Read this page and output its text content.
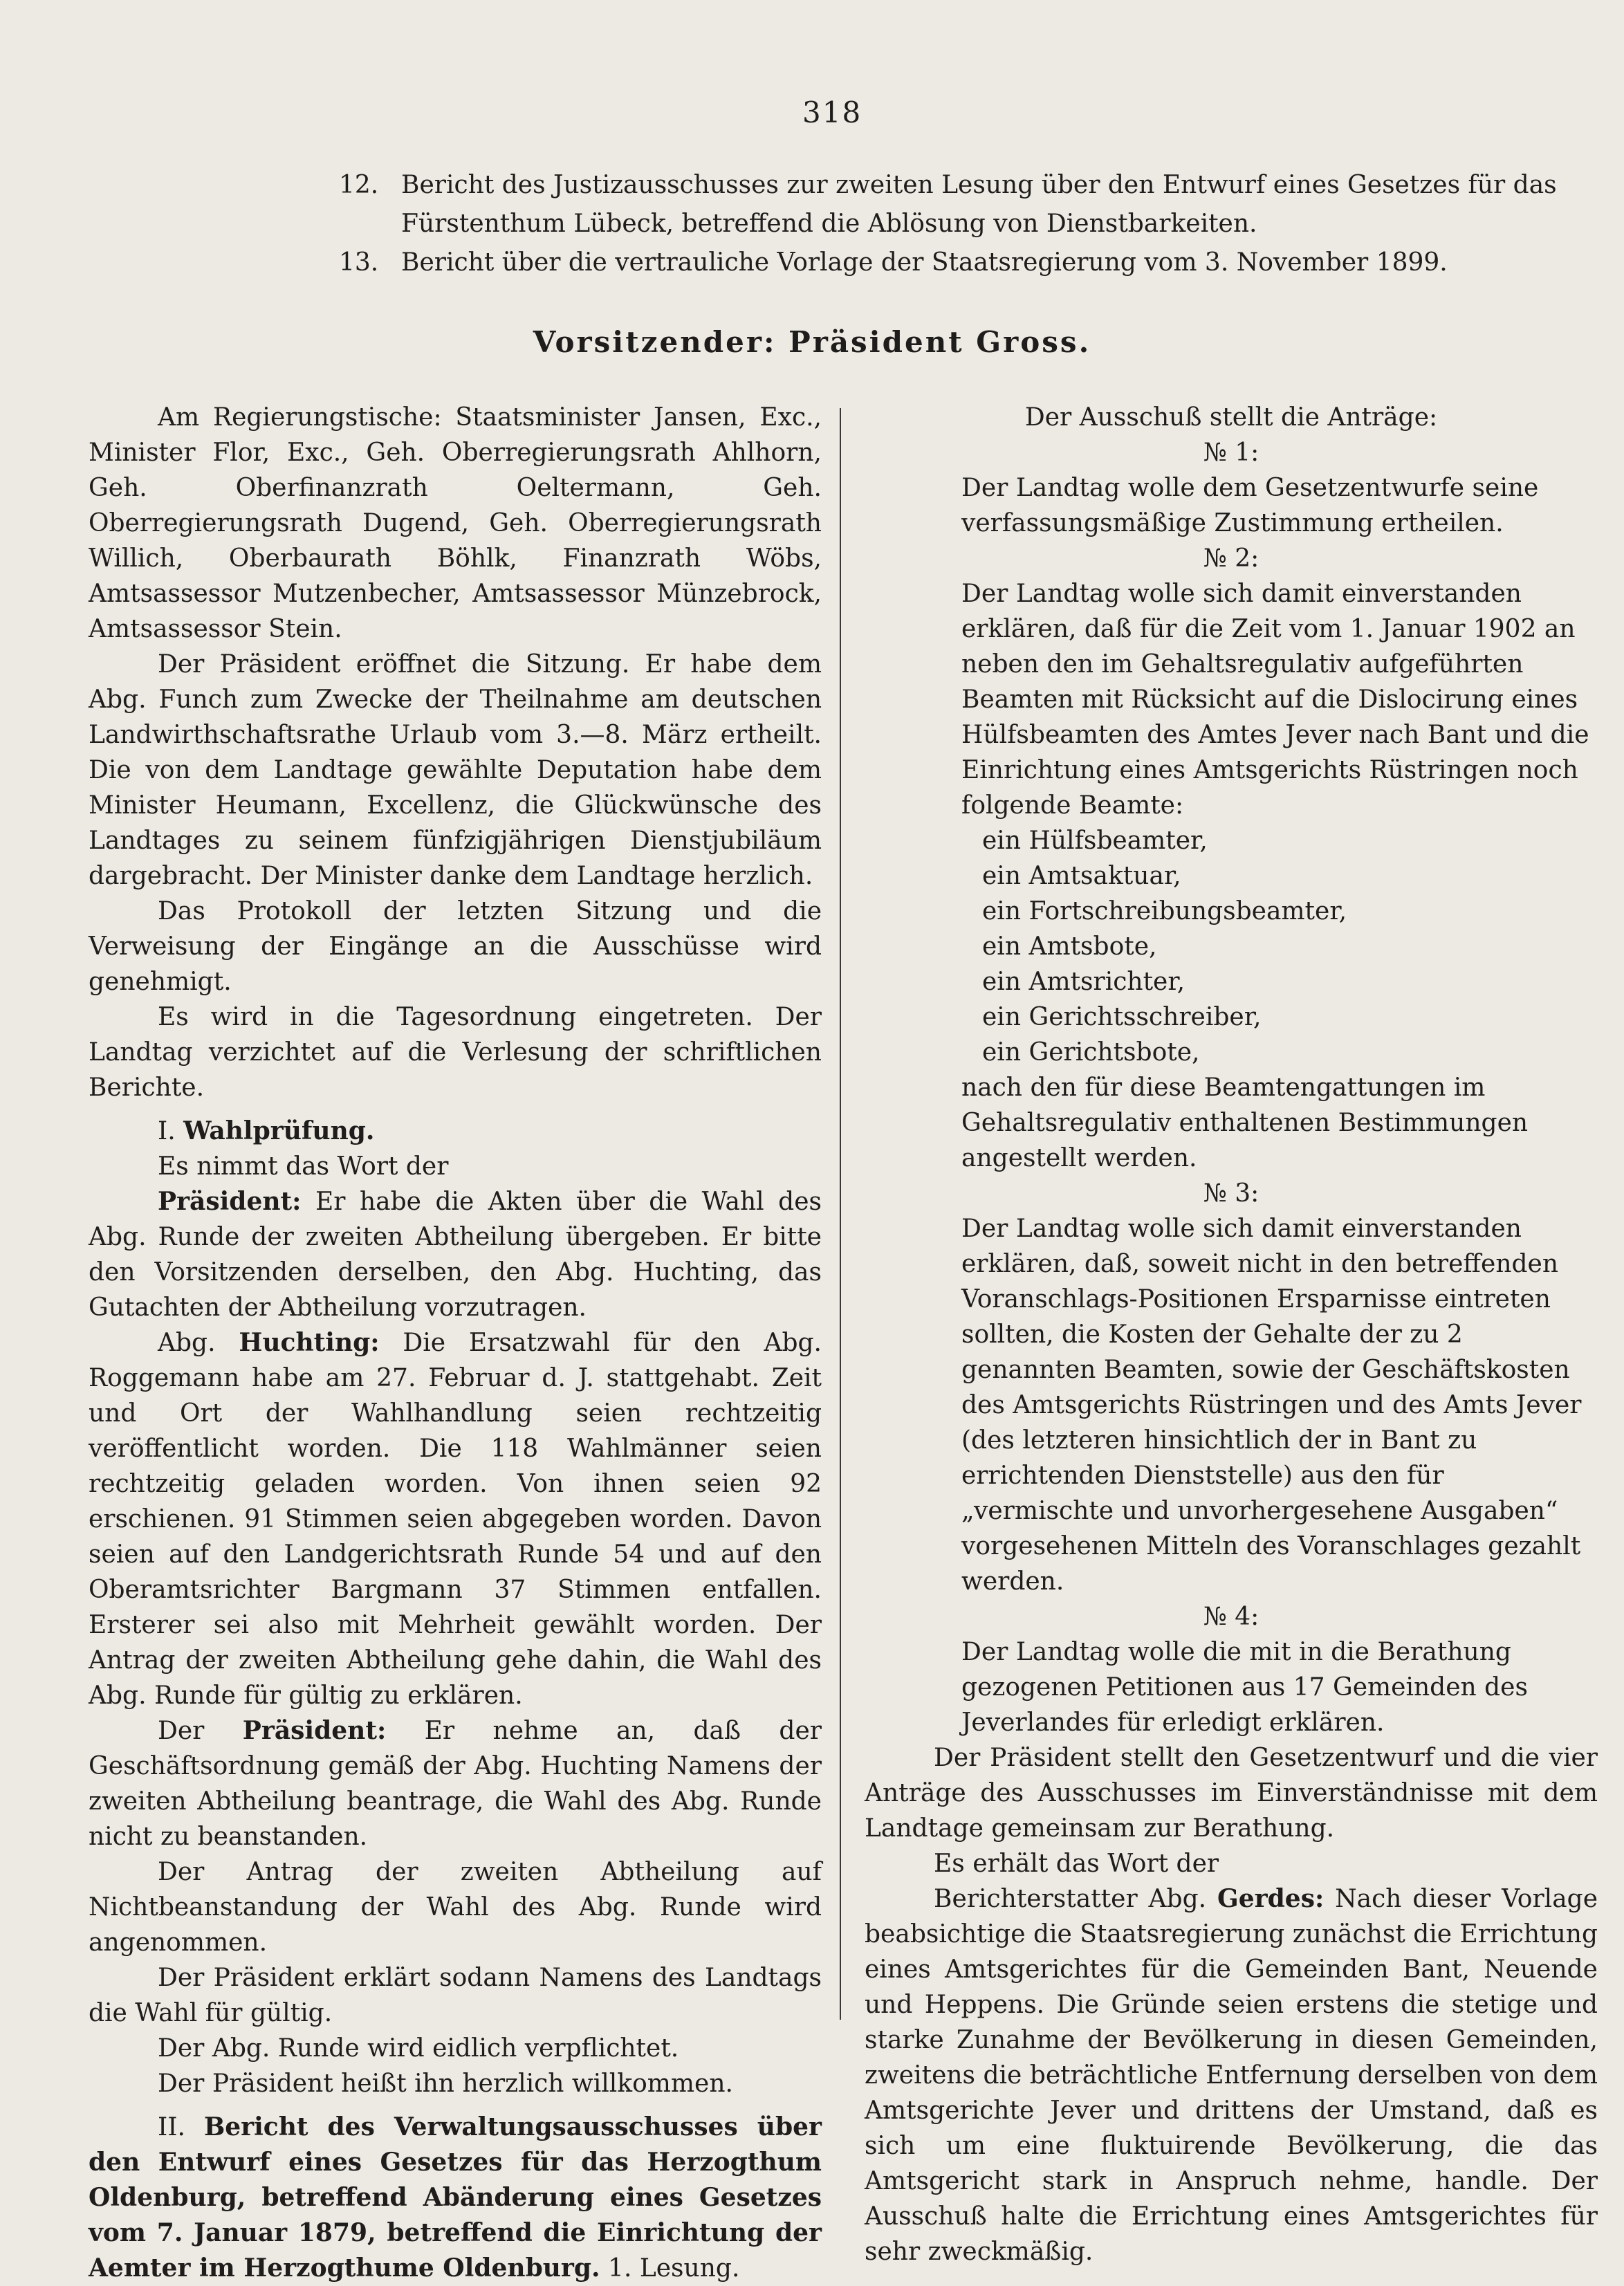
318
12. Bericht des Justizausschusses zur zweiten Lesung über den Entwurf eines Gesetzes für das Fürstenthum Lübeck, betreffend die Ablösung von Dienstbarkeiten.
13. Bericht über die vertrauliche Vorlage der Staatsregierung vom 3. November 1899.
Vorsitzender: Präsident Gross.

Am Regierungstische: Staatsminister Jansen, Exc., Minister Flor, Exc., Geh. Oberregierungsrath Ahlhorn, Geh. Oberfinanzrath Oeltermann, Geh. Oberregierungsrath Dugend, Geh. Oberregierungsrath Willich, Oberbaurath Böhlk, Finanzrath Wöbs, Amtsassessor Mutzenbecher, Amtsassessor Münzebrock, Amtsassessor Stein.

Der Präsident eröffnet die Sitzung. Er habe dem Abg. Funch zum Zwecke der Theilnahme am deutschen Landwirthschaftsrathe Urlaub vom 3.—8. März ertheilt. Die von dem Landtage gewählte Deputation habe dem Minister Heumann, Excellenz, die Glückwünsche des Landtages zu seinem fünfzigjährigen Dienstjubiläum dargebracht. Der Minister danke dem Landtage herzlich.

Das Protokoll der letzten Sitzung und die Verweisung der Eingänge an die Ausschüsse wird genehmigt.

Es wird in die Tagesordnung eingetreten. Der Landtag verzichtet auf die Verlesung der schriftlichen Berichte.

I. Wahlprüfung.

Es nimmt das Wort der

Präsident: Er habe die Akten über die Wahl des Abg. Runde der zweiten Abtheilung übergeben. Er bitte den Vorsitzenden derselben, den Abg. Huchting, das Gutachten der Abtheilung vorzutragen.

Abg. Huchting: Die Ersatzwahl für den Abg. Roggemann habe am 27. Februar d. J. stattgehabt. Zeit und Ort der Wahlhandlung seien rechtzeitig veröffentlicht worden. Die 118 Wahlmänner seien rechtzeitig geladen worden. Von ihnen seien 92 erschienen. 91 Stimmen seien abgegeben worden. Davon seien auf den Landgerichtsrath Runde 54 und auf den Oberamtsrichter Bargmann 37 Stimmen entfallen. Ersterer sei also mit Mehrheit gewählt worden. Der Antrag der zweiten Abtheilung gehe dahin, die Wahl des Abg. Runde für gültig zu erklären.

Der Präsident: Er nehme an, daß der Geschäftsordnung gemäß der Abg. Huchting Namens der zweiten Abtheilung beantrage, die Wahl des Abg. Runde nicht zu beanstanden.

Der Antrag der zweiten Abtheilung auf Nichtbeanstandung der Wahl des Abg. Runde wird angenommen.

Der Präsident erklärt sodann Namens des Landtags die Wahl für gültig.

Der Abg. Runde wird eidlich verpflichtet.

Der Präsident heißt ihn herzlich willkommen.

II. Bericht des Verwaltungsausschusses über den Entwurf eines Gesetzes für das Herzogthum Oldenburg, betreffend Abänderung eines Gesetzes vom 7. Januar 1879, betreffend die Einrichtung der Aemter im Herzogthume Oldenburg. 1. Lesung.

Der Ausschuß stellt die Anträge:

№ 1:

Der Landtag wolle dem Gesetzentwurfe seine verfassungsmäßige Zustimmung ertheilen.

№ 2:

Der Landtag wolle sich damit einverstanden erklären, daß für die Zeit vom 1. Januar 1902 an neben den im Gehaltsregulativ aufgeführten Beamten mit Rücksicht auf die Dislocirung eines Hülfsbeamten des Amtes Jever nach Bant und die Einrichtung eines Amtsgerichts Rüstringen noch folgende Beamte:

ein Hülfsbeamter,

ein Amtsaktuar,

ein Fortschreibungsbeamter,

ein Amtsbote,

ein Amtsrichter,

ein Gerichtsschreiber,

ein Gerichtsbote,

nach den für diese Beamtengattungen im Gehaltsregulativ enthaltenen Bestimmungen angestellt werden.

№ 3:

Der Landtag wolle sich damit einverstanden erklären, daß, soweit nicht in den betreffenden Voranschlags-Positionen Ersparnisse eintreten sollten, die Kosten der Gehalte der zu 2 genannten Beamten, sowie der Geschäftskosten des Amtsgerichts Rüstringen und des Amts Jever (des letzteren hinsichtlich der in Bant zu errichtenden Dienststelle) aus den für „vermischte und unvorhergesehene Ausgaben“ vorgesehenen Mitteln des Voranschlages gezahlt werden.

№ 4:

Der Landtag wolle die mit in die Berathung gezogenen Petitionen aus 17 Gemeinden des Jeverlandes für erledigt erklären.

Der Präsident stellt den Gesetzentwurf und die vier Anträge des Ausschusses im Einverständnisse mit dem Landtage gemeinsam zur Berathung.

Es erhält das Wort der

Berichterstatter Abg. Gerdes: Nach dieser Vorlage beabsichtige die Staatsregierung zunächst die Errichtung eines Amtsgerichtes für die Gemeinden Bant, Neuende und Heppens. Die Gründe seien erstens die stetige und starke Zunahme der Bevölkerung in diesen Gemeinden, zweitens die beträchtliche Entfernung derselben von dem Amtsgerichte Jever und drittens der Umstand, daß es sich um eine fluktuirende Bevölkerung, die das Amtsgericht stark in Anspruch nehme, handle. Der Ausschuß halte die Errichtung eines Amtsgerichtes für sehr zweckmäßig.
